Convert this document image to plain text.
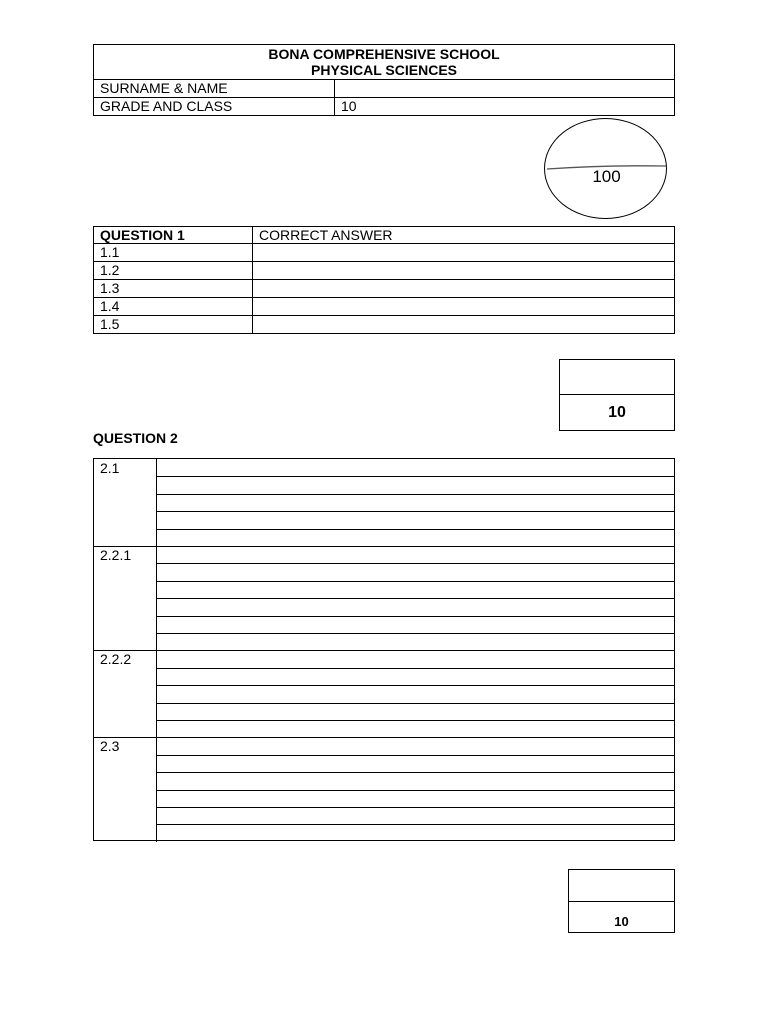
BONA COMPREHENSIVE SCHOOL
PHYSICAL SCIENCES	

SURNAME & NAME	
GRADE AND CLASS	10
100
QUESTION 1	CORRECT ANSWER
1.1	
1.2	
1.3	
1.4	
1.5	
10
QUESTION 2
2.1
2.2.1
2.2.2
2.3
10
